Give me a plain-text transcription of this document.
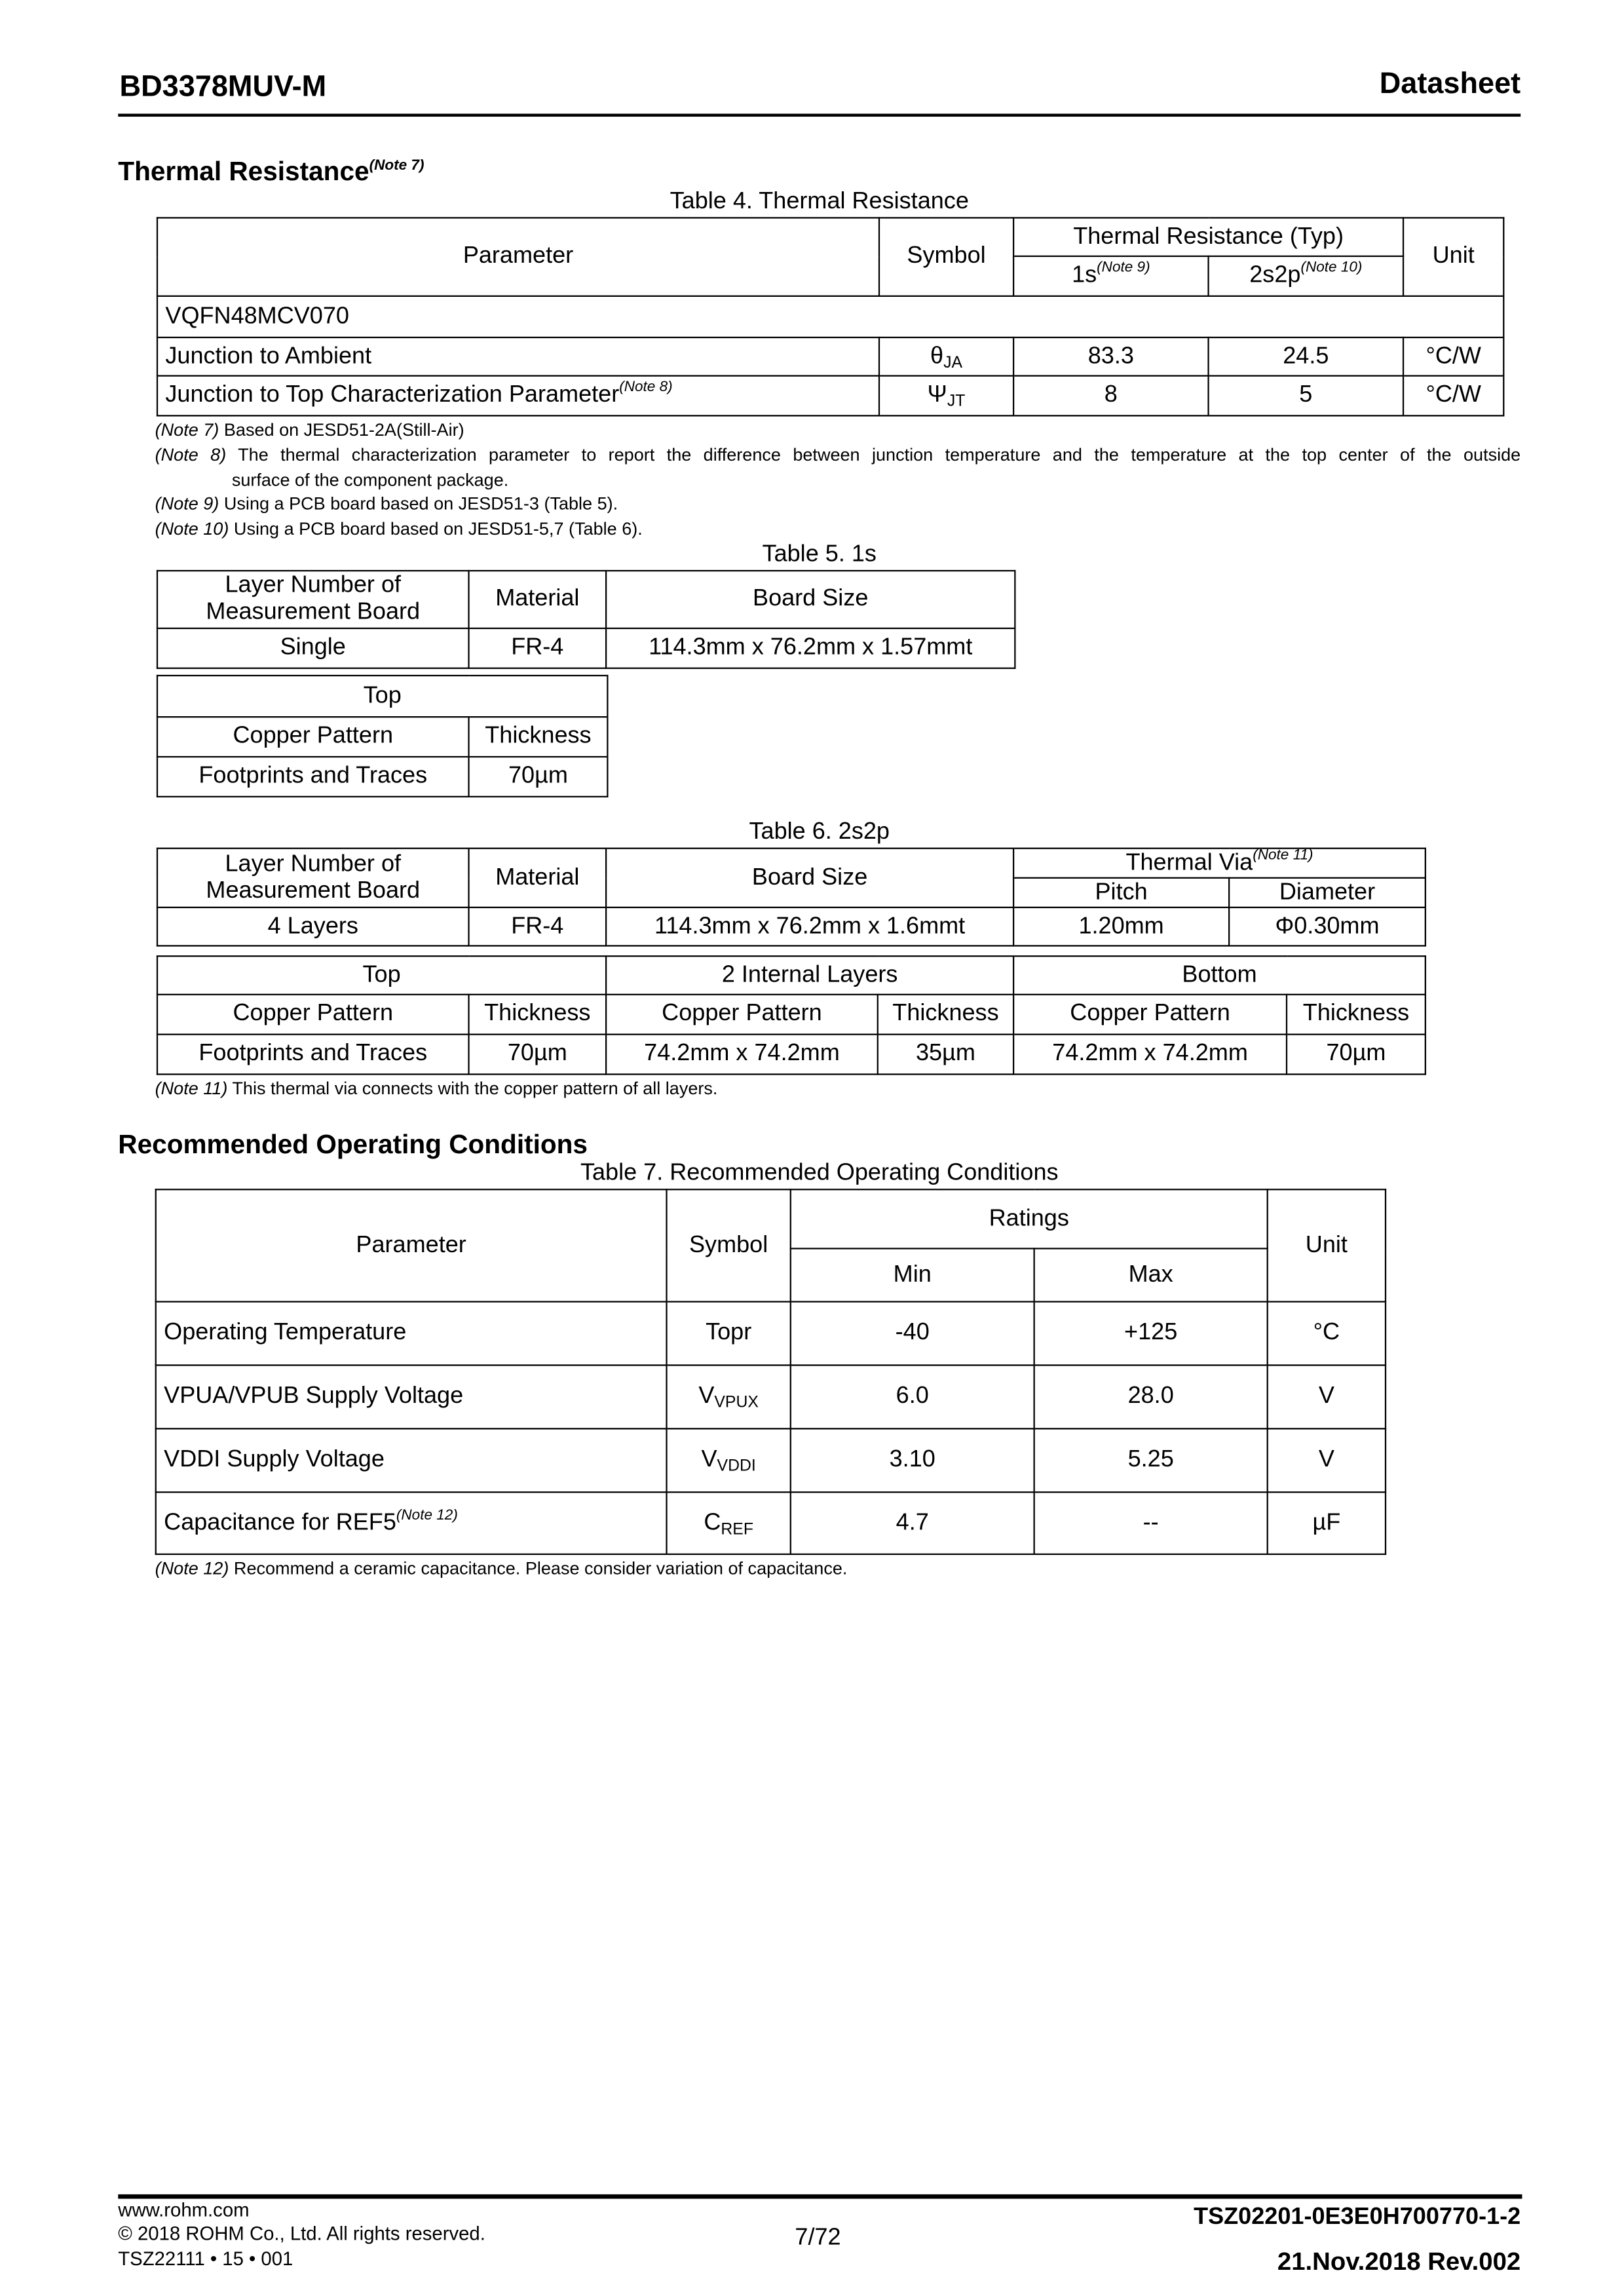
BD3378MUV-M	Datasheet
Thermal Resistance$^{(Note 7)}$
Table 4. Thermal Resistance
Parameter	Symbol	Thermal Resistance (Typ)		Unit
		$1s^{(Note 9)}$	$2s2p^{(Note 10)}$
VQFN48MCV070				
Junction to Ambient	$\theta_{JA}$	83.3	24.5	°C/W
Junction to Top Characterization Parameter$^{(Note 8)}$	$\Psi_{JT}$	8	5	°C/W
(Note 7) Based on JESD51-2A(Still-Air)
(Note 8) The thermal characterization parameter to report the difference between junction temperature and the temperature at the top center of the outside
surface of the component package.
(Note 9) Using a PCB board based on JESD51-3 (Table 5).
(Note 10) Using a PCB board based on JESD51-5,7 (Table 6).
Table 5. 1s
Layer Number of
Measurement Board	Material	Board Size
Single	FR-4	114.3mm x 76.2mm x 1.57mmt
Top	
Copper Pattern	Thickness
Footprints and Traces	70µm
Table 6. 2s2p
Layer Number of
Measurement Board	Material	Board Size	Thermal Via$^{(Note 11)}$
			Pitch	Diameter
4 Layers	FR-4	114.3mm x 76.2mm x 1.6mmt	1.20mm	Φ0.30mm
Top		2 Internal Layers		Bottom	
Copper Pattern	Thickness	Copper Pattern	Thickness	Copper Pattern	Thickness
Footprints and Traces	70µm	74.2mm x 74.2mm	35µm	74.2mm x 74.2mm	70µm
(Note 11) This thermal via connects with the copper pattern of all layers.
Recommended Operating Conditions
Table 7. Recommended Operating Conditions
Parameter	Symbol	Ratings		Unit
		Min	Max	
Operating Temperature	Topr	-40	+125	°C
VPUA/VPUB Supply Voltage	$V_{VPUX}$	6.0	28.0	V
VDDI Supply Voltage	$V_{VDDI}$	3.10	5.25	V
Capacitance for $REF5^{(Note 12)}$	$C_{REF}$	4.7	--	µF
(Note 12) Recommend a ceramic capacitance. Please consider variation of capacitance.
www.rohm.com
© 2018 ROHM Co., Ltd. All rights reserved.
TSZ22111 • 15 • 001
7/72
TSZ02201-0E3E0H700770-1-2
21.Nov.2018 Rev.002
